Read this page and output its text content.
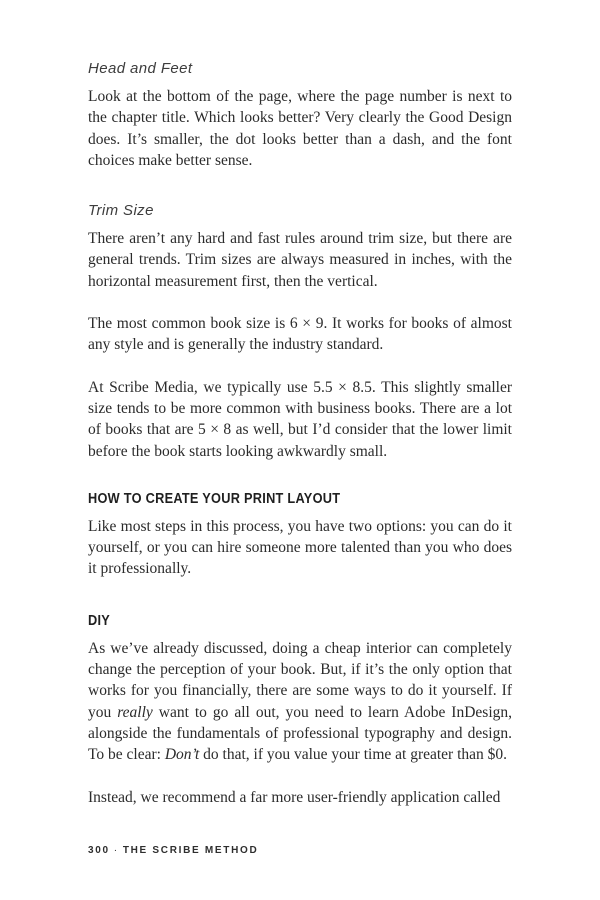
Head and Feet

Look at the bottom of the page, where the page number is next to the chapter title. Which looks better? Very clearly the Good Design does. It’s smaller, the dot looks better than a dash, and the font choices make better sense.

Trim Size

There aren’t any hard and fast rules around trim size, but there are general trends. Trim sizes are always measured in inches, with the horizontal measurement first, then the vertical.

The most common book size is 6 × 9. It works for books of almost any style and is generally the industry standard.

At Scribe Media, we typically use 5.5 × 8.5. This slightly smaller size tends to be more common with business books. There are a lot of books that are 5 × 8 as well, but I’d consider that the lower limit before the book starts looking awkwardly small.

HOW TO CREATE YOUR PRINT LAYOUT

Like most steps in this process, you have two options: you can do it yourself, or you can hire someone more talented than you who does it professionally.

DIY

As we’ve already discussed, doing a cheap interior can completely change the perception of your book. But, if it’s the only option that works for you financially, there are some ways to do it yourself. If you really want to go all out, you need to learn Adobe InDesign, alongside the fundamentals of professional typography and design. To be clear: Don’t do that, if you value your time at greater than $0.

Instead, we recommend a far more user-friendly application called

300 · THE SCRIBE METHOD
